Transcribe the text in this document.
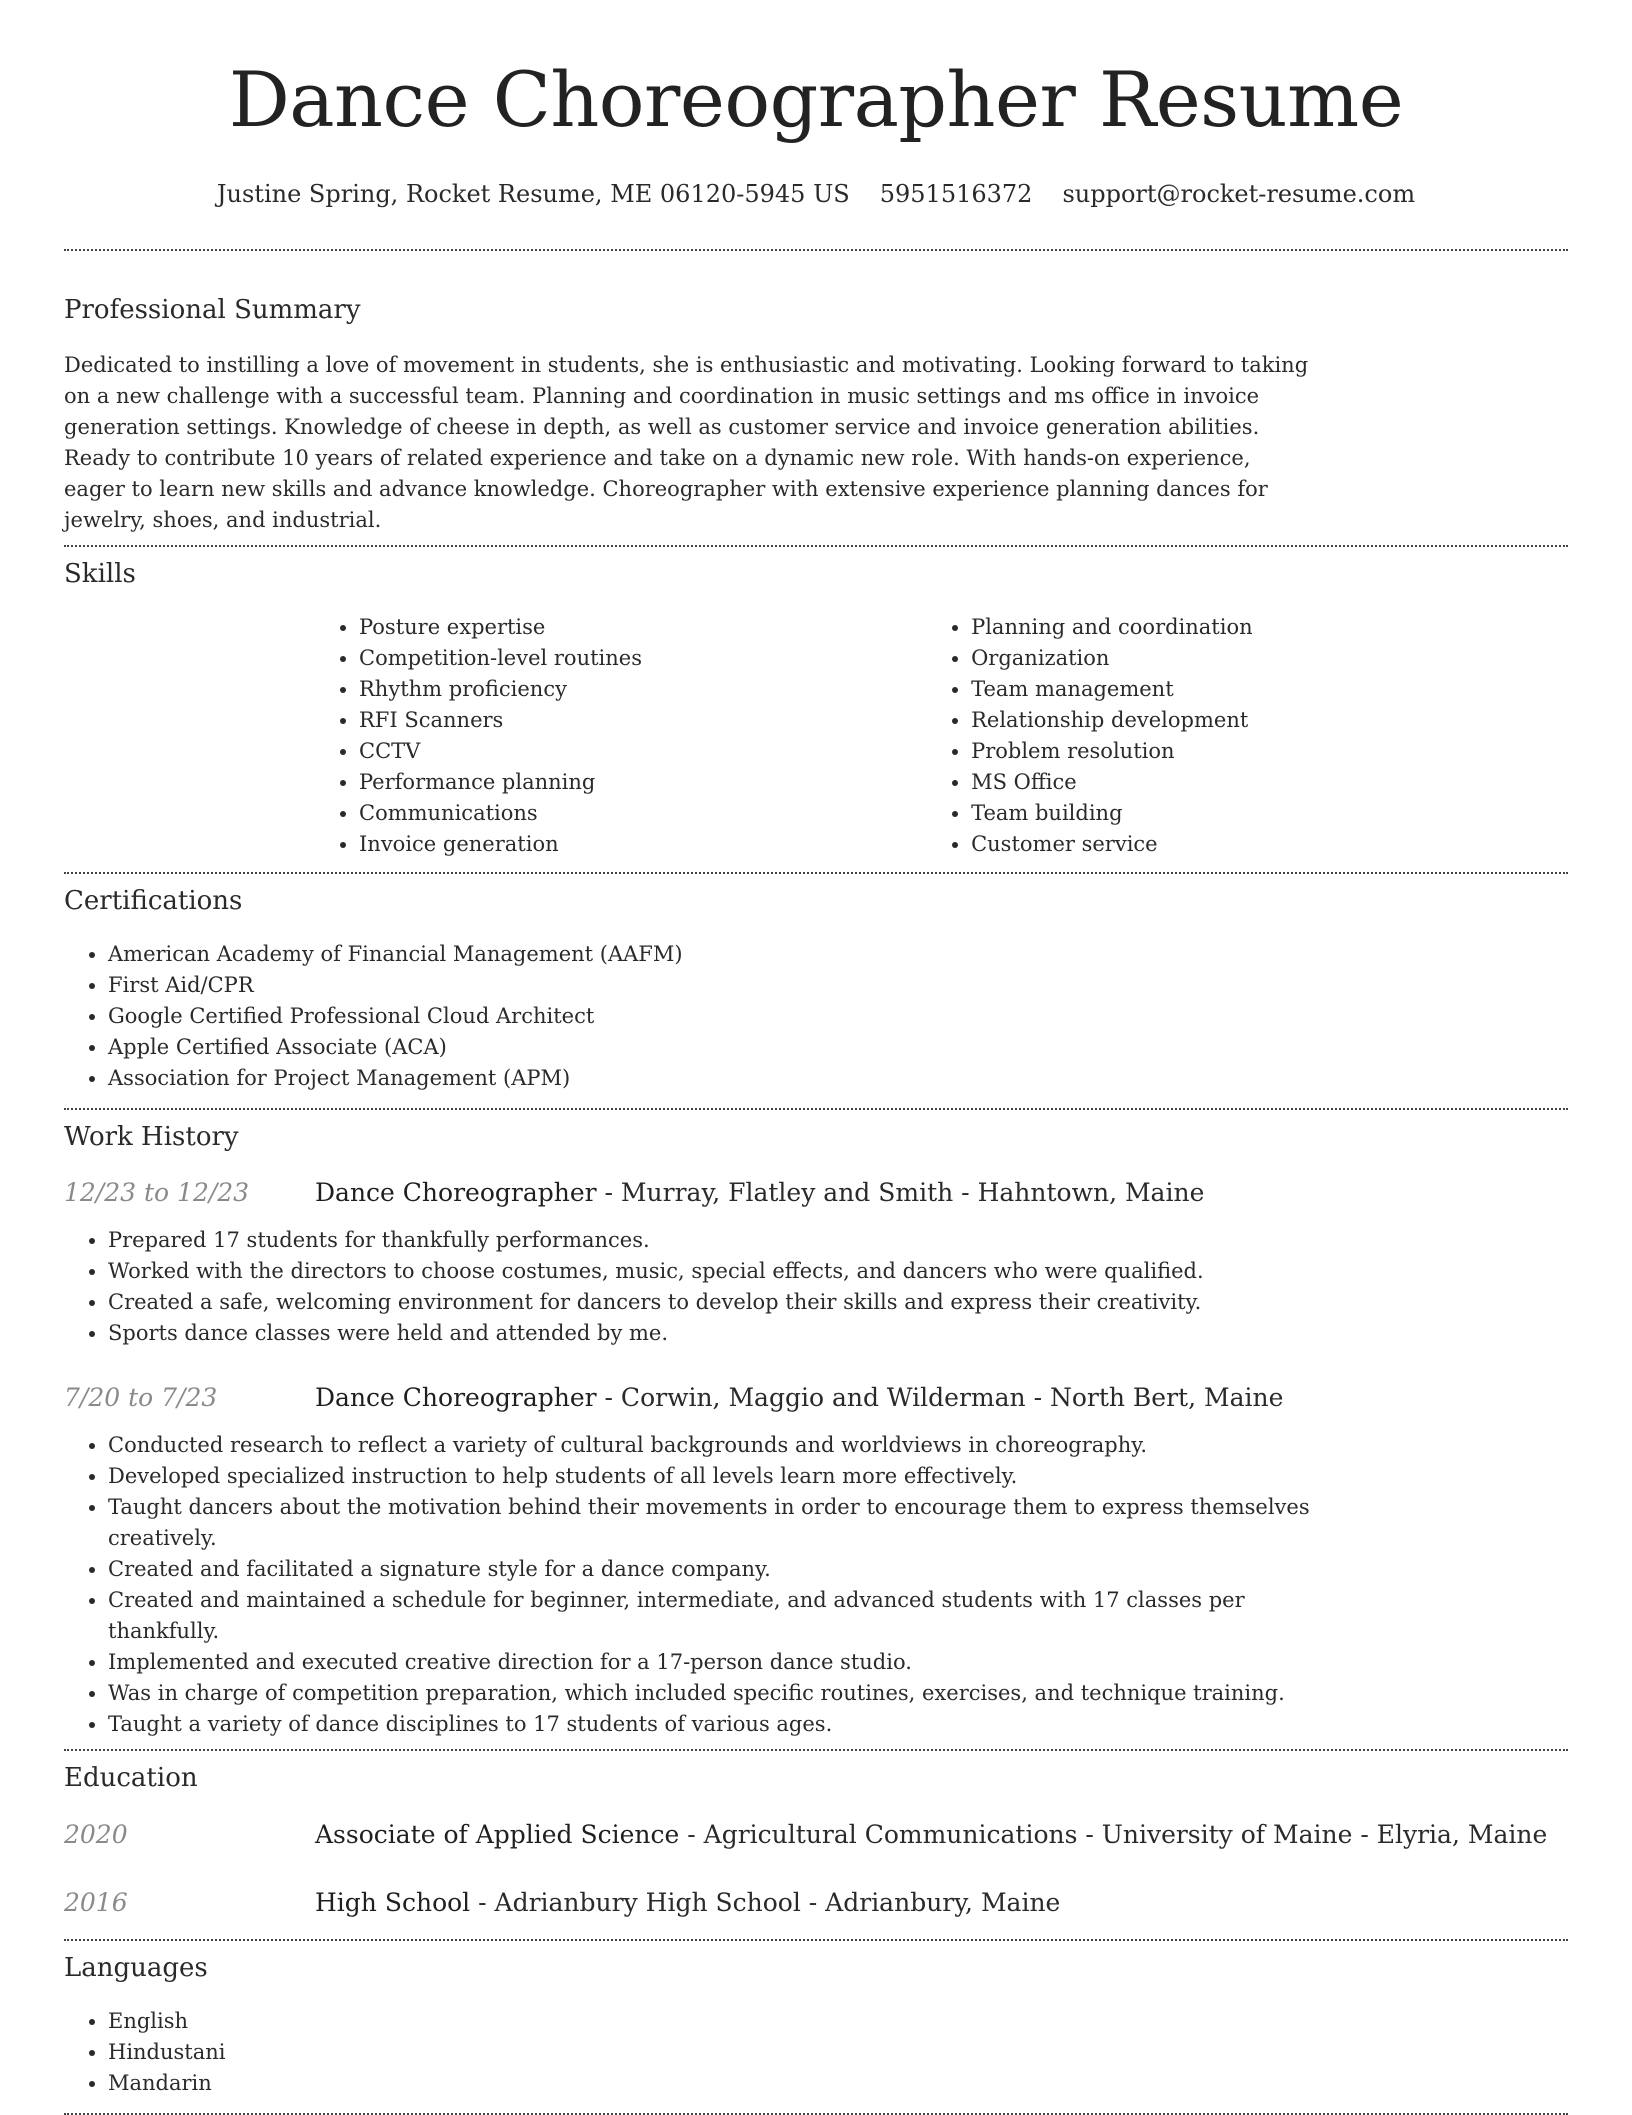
Dance Choreographer Resume
Justine Spring, Rocket Resume, ME 06120-5945 US 5951516372 support@rocket-resume.com
Professional Summary

Dedicated to instilling a love of movement in students, she is enthusiastic and motivating. Looking forward to taking on a new challenge with a successful team. Planning and coordination in music settings and ms office in invoice generation settings. Knowledge of cheese in depth, as well as customer service and invoice generation abilities. Ready to contribute 10 years of related experience and take on a dynamic new role. With hands-on experience, eager to learn new skills and advance knowledge. Choreographer with extensive experience planning dances for jewelry, shoes, and industrial.

Skills
• Posture expertise
• Competition-level routines
• Rhythm proficiency
• RFI Scanners
• CCTV
• Performance planning
• Communications
• Invoice generation
• Planning and coordination
• Organization
• Team management
• Relationship development
• Problem resolution
• MS Office
• Team building
• Customer service
Certifications
• American Academy of Financial Management (AAFM)
• First Aid/CPR
• Google Certified Professional Cloud Architect
• Apple Certified Associate (ACA)
• Association for Project Management (APM)
Work History
12/23 to 12/23	Dance Choreographer - Murray, Flatley and Smith - Hahntown, Maine
• Prepared 17 students for thankfully performances.
• Worked with the directors to choose costumes, music, special effects, and dancers who were qualified.
• Created a safe, welcoming environment for dancers to develop their skills and express their creativity.
• Sports dance classes were held and attended by me.
7/20 to 7/23	Dance Choreographer - Corwin, Maggio and Wilderman - North Bert, Maine
• Conducted research to reflect a variety of cultural backgrounds and worldviews in choreography.
• Developed specialized instruction to help students of all levels learn more effectively.
• Taught dancers about the motivation behind their movements in order to encourage them to express themselves creatively.
• Created and facilitated a signature style for a dance company.
• Created and maintained a schedule for beginner, intermediate, and advanced students with 17 classes per thankfully.
• Implemented and executed creative direction for a 17-person dance studio.
• Was in charge of competition preparation, which included specific routines, exercises, and technique training.
• Taught a variety of dance disciplines to 17 students of various ages.
Education
2020	Associate of Applied Science - Agricultural Communications - University of Maine - Elyria, Maine
2016	High School - Adrianbury High School - Adrianbury, Maine
Languages
• English
• Hindustani
• Mandarin
